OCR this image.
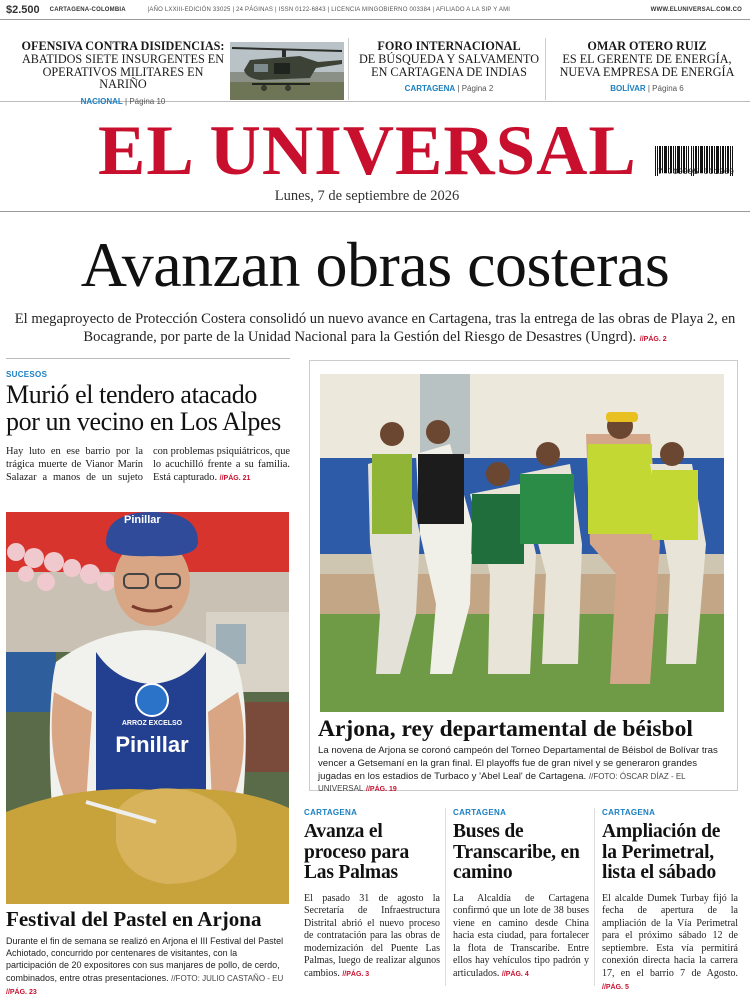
$2.500 CARTAGENA-COLOMBIA	|AÑO LXXIII-EDICIÓN 33025 | 24 PÁGINAS | ISSN 0122-6843 | LICENCIA MINGOBIERNO 003384 | AFILIADO A LA SIP Y AMI	WWW.ELUNIVERSAL.COM.CO
OFENSIVA CONTRA DISIDENCIAS:
ABATIDOS SIETE INSURGENTES EN OPERATIVOS MILITARES EN NARIÑO
NACIONAL | Página 10
FORO INTERNACIONAL
DE BÚSQUEDA Y SALVAMENTO EN CARTAGENA DE INDIAS
CARTAGENA | Página 2
OMAR OTERO RUIZ
ES EL GERENTE DE ENERGÍA, NUEVA EMPRESA DE ENERGÍA
BOLÍVAR | Página 6
EL UNIVERSAL	7 709995 001209
Lunes, 7 de septiembre de 2026
Avanzan obras costeras
El megaproyecto de Protección Costera consolidó un nuevo avance en Cartagena, tras la entrega de las obras de Playa 2, en Bocagrande, por parte de la Unidad Nacional para la Gestión del Riesgo de Desastres (Ungrd). //PÁG. 2
SUCESOS
Murió el tendero atacado por un vecino en Los Alpes
Hay luto en ese barrio por la trágica muerte de Vianor Marín Salazar a manos de un sujeto con problemas psiquiátricos, que lo acuchilló frente a su familia. Está capturado. //PÁG. 21
Pinillar
ARROZ EXCELSO
Pinillar
Festival del Pastel en Arjona
Durante el fin de semana se realizó en Arjona el III Festival del Pastel Achiotado, concurrido por centenares de visitantes, con la participación de 20 expositores con sus manjares de pollo, de cerdo, combinados, entre otras presentaciones. //FOTO: JULIO CASTAÑO - EU //PÁG. 23
Arjona, rey departamental de béisbol
La novena de Arjona se coronó campeón del Torneo Departamental de Béisbol de Bolívar tras vencer a Getsemaní en la gran final. El playoffs fue de gran nivel y se generaron grandes jugadas en los estadios de Turbaco y 'Abel Leal' de Cartagena. //FOTO: ÓSCAR DÍAZ - EL UNIVERSAL //PÁG. 19
CARTAGENA
Avanza el proceso para Las Palmas
El pasado 31 de agosto la Secretaría de Infraestructura Distrital abrió el nuevo proceso de contratación para las obras de modernización del Puente Las Palmas, luego de realizar algunos cambios. //PÁG. 3
CARTAGENA
Buses de Transcaribe, en camino
La Alcaldía de Cartagena confirmó que un lote de 38 buses viene en camino desde China hacia esta ciudad, para fortalecer la flota de Transcaribe. Entre ellos hay vehículos tipo padrón y articulados. //PÁG. 4
CARTAGENA
Ampliación de la Perimetral, lista el sábado
El alcalde Dumek Turbay fijó la fecha de apertura de la ampliación de la Vía Perimetral para el próximo sábado 12 de septiembre. Esta vía permitirá conexión directa hacia la carrera 17, en el barrio 7 de Agosto. //PÁG. 5
